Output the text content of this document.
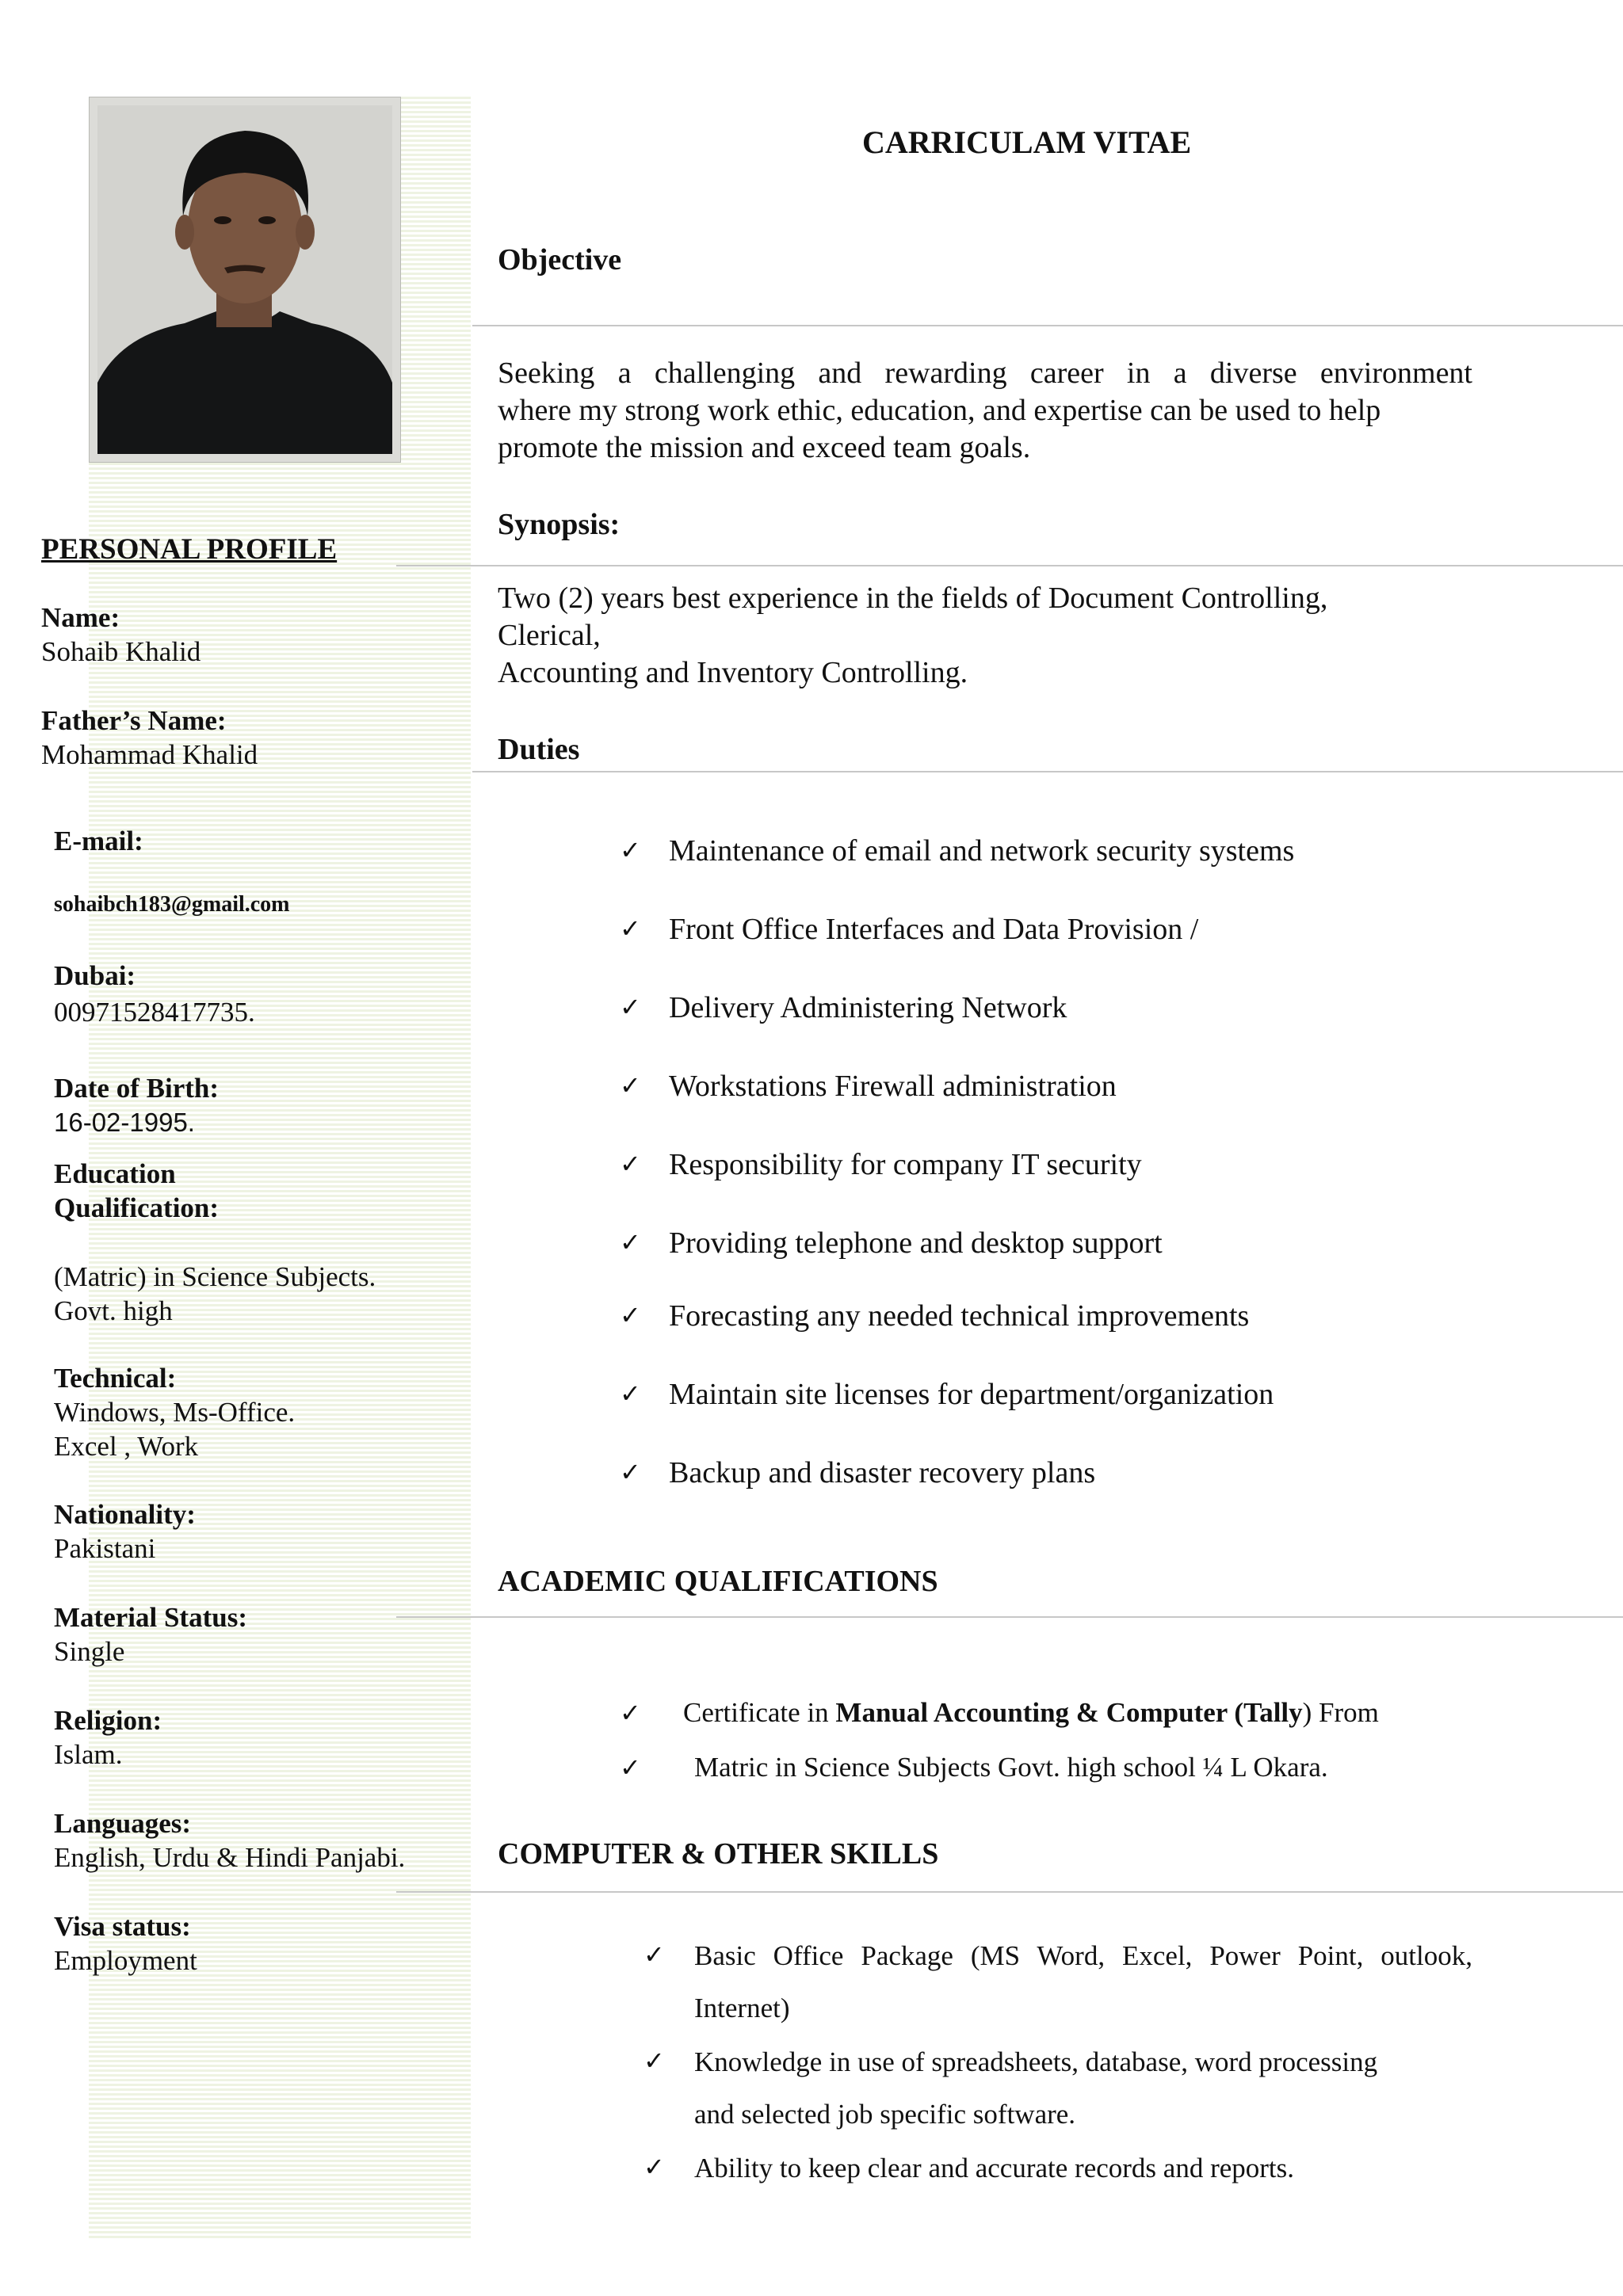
CARRICULAM VITAE
Objective
Seeking a challenging and rewarding career in a diverse environment
where my strong work ethic, education, and expertise can be used to help
promote the mission and exceed team goals.
Synopsis:
Two (2) years best experience in the fields of Document Controlling,
Clerical,
Accounting and Inventory Controlling.
Duties
✓ Maintenance of email and network security systems
✓ Front Office Interfaces and Data Provision /
✓ Delivery Administering Network
✓ Workstations Firewall administration
✓ Responsibility for company IT security
✓ Providing telephone and desktop support
✓ Forecasting any needed technical improvements
✓ Maintain site licenses for department/organization
✓ Backup and disaster recovery plans
ACADEMIC QUALIFICATIONS
✓ Certificate in Manual Accounting & Computer (Tally) From
✓ Matric in Science Subjects Govt. high school ¼ L Okara.
COMPUTER & OTHER SKILLS
✓ Basic Office Package (MS Word, Excel, Power Point, outlook,
Internet)
✓ Knowledge in use of spreadsheets, database, word processing
and selected job specific software.
✓ Ability to keep clear and accurate records and reports.
PERSONAL PROFILE
Name:
Sohaib Khalid
Father’s Name:
Mohammad Khalid
E-mail:
sohaibch183@gmail.com
Dubai:
00971528417735.
Date of Birth:
16-02-1995.
Education
Qualification:
(Matric) in Science Subjects.
Govt. high
Technical:
Windows, Ms-Office.
Excel , Work
Nationality:
Pakistani
Material Status:
Single
Religion:
Islam.
Languages:
English, Urdu & Hindi Panjabi.
Visa status:
Employment
